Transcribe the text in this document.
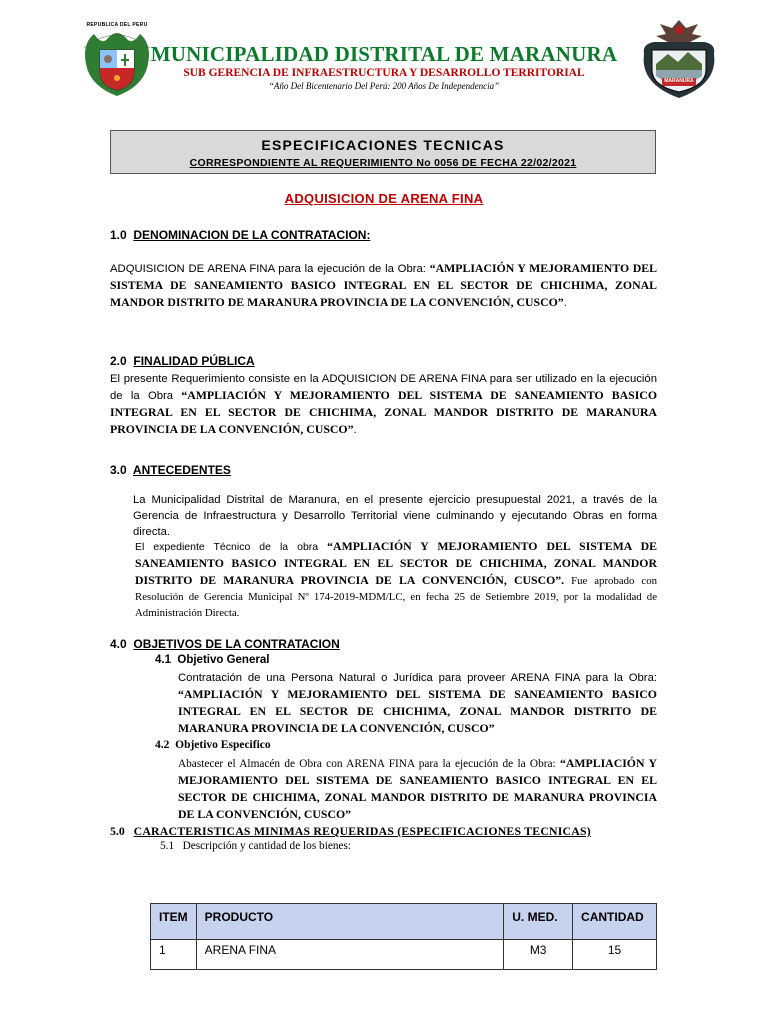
REPUBLICA DEL PERU
MARANURA
MUNICIPALIDAD DISTRITAL DE MARANURA
SUB GERENCIA DE INFRAESTRUCTURA Y DESARROLLO TERRITORIAL
“Año Del Bicentenario Del Perú: 200 Años De Independencia”
ESPECIFICACIONES TECNICAS
CORRESPONDIENTE AL REQUERIMIENTO No 0056 DE FECHA 22/02/2021
ADQUISICION DE ARENA FINA
1.0 DENOMINACION DE LA CONTRATACION:
ADQUISICION DE ARENA FINA para la ejecución de la Obra: “AMPLIACIÓN Y MEJORAMIENTO DEL SISTEMA DE SANEAMIENTO BASICO INTEGRAL EN EL SECTOR DE CHICHIMA, ZONAL MANDOR DISTRITO DE MARANURA PROVINCIA DE LA CONVENCIÓN, CUSCO”.
2.0 FINALIDAD PÚBLICA
El presente Requerimiento consiste en la ADQUISICION DE ARENA FINA para ser utilizado en la ejecución de la Obra “AMPLIACIÓN Y MEJORAMIENTO DEL SISTEMA DE SANEAMIENTO BASICO INTEGRAL EN EL SECTOR DE CHICHIMA, ZONAL MANDOR DISTRITO DE MARANURA PROVINCIA DE LA CONVENCIÓN, CUSCO”.
3.0 ANTECEDENTES
La Municipalidad Distrital de Maranura, en el presente ejercicio presupuestal 2021, a través de la Gerencia de Infraestructura y Desarrollo Territorial viene culminando y ejecutando Obras en forma directa.
El expediente Técnico de la obra “AMPLIACIÓN Y MEJORAMIENTO DEL SISTEMA DE SANEAMIENTO BASICO INTEGRAL EN EL SECTOR DE CHICHIMA, ZONAL MANDOR DISTRITO DE MARANURA PROVINCIA DE LA CONVENCIÓN, CUSCO”. Fue aprobado con Resolución de Gerencia Municipal Nº 174-2019-MDM/LC, en fecha 25 de Setiembre 2019, por la modalidad de Administración Directa.
4.0 OBJETIVOS DE LA CONTRATACION
4.1 Objetivo General
Contratación de una Persona Natural o Jurídica para proveer ARENA FINA para la Obra: “AMPLIACIÓN Y MEJORAMIENTO DEL SISTEMA DE SANEAMIENTO BASICO INTEGRAL EN EL SECTOR DE CHICHIMA, ZONAL MANDOR DISTRITO DE MARANURA PROVINCIA DE LA CONVENCIÓN, CUSCO”
4.2 Objetivo Especifico
Abastecer el Almacén de Obra con ARENA FINA para la ejecución de la Obra: “AMPLIACIÓN Y MEJORAMIENTO DEL SISTEMA DE SANEAMIENTO BASICO INTEGRAL EN EL SECTOR DE CHICHIMA, ZONAL MANDOR DISTRITO DE MARANURA PROVINCIA DE LA CONVENCIÓN, CUSCO”
5.0 CARACTERISTICAS MINIMAS REQUERIDAS (ESPECIFICACIONES TECNICAS)
5.1   Descripción y cantidad de los bienes:
ITEM	PRODUCTO	U. MED.	CANTIDAD
1	ARENA FINA	M3	15
